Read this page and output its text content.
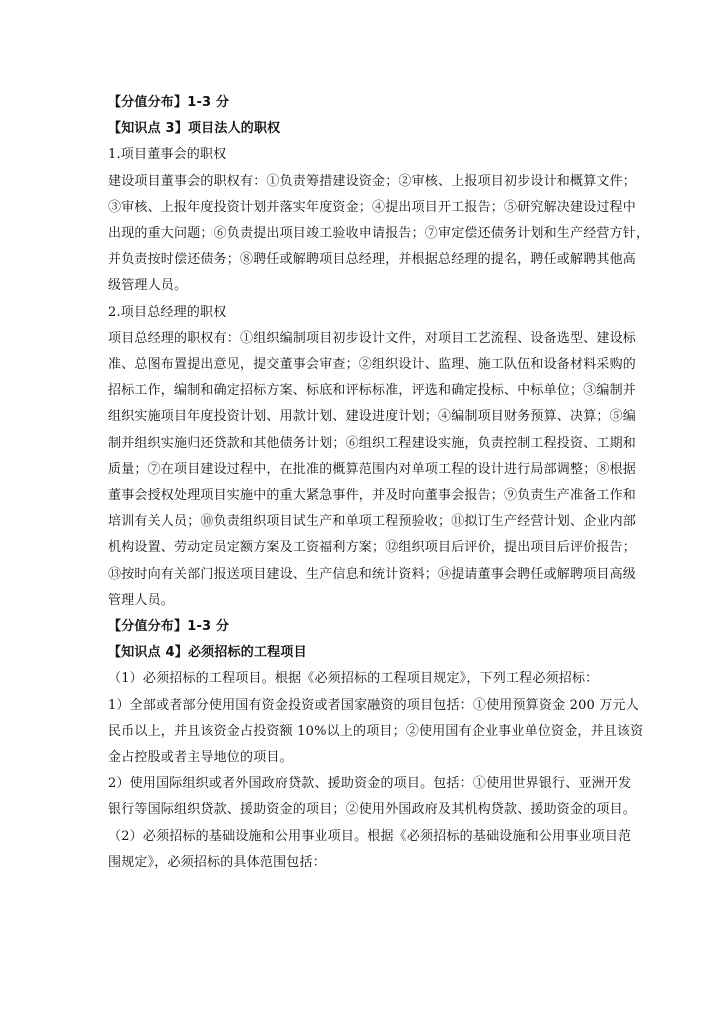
【分值分布】1-3 分
【知识点 3】项目法人的职权
1.项目董事会的职权
建设项目董事会的职权有：①负责筹措建设资金；②审核、上报项目初步设计和概算文件；
③审核、上报年度投资计划并落实年度资金；④提出项目开工报告；⑤研究解决建设过程中
出现的重大问题；⑥负责提出项目竣工验收申请报告；⑦审定偿还债务计划和生产经营方针，
并负责按时偿还债务；⑧聘任或解聘项目总经理，并根据总经理的提名，聘任或解聘其他高
级管理人员。
2.项目总经理的职权
项目总经理的职权有：①组织编制项目初步设计文件，对项目工艺流程、设备选型、建设标
准、总图布置提出意见，提交董事会审查；②组织设计、监理、施工队伍和设备材料采购的
招标工作，编制和确定招标方案、标底和评标标准，评选和确定投标、中标单位；③编制并
组织实施项目年度投资计划、用款计划、建设进度计划；④编制项目财务预算、决算；⑤编
制并组织实施归还贷款和其他债务计划；⑥组织工程建设实施，负责控制工程投资、工期和
质量；⑦在项目建设过程中，在批准的概算范围内对单项工程的设计进行局部调整；⑧根据
董事会授权处理项目实施中的重大紧急事件，并及时向董事会报告；⑨负责生产准备工作和
培训有关人员；⑩负责组织项目试生产和单项工程预验收；⑪拟订生产经营计划、企业内部
机构设置、劳动定员定额方案及工资福利方案；⑫组织项目后评价，提出项目后评价报告；
⑬按时向有关部门报送项目建设、生产信息和统计资料；⑭提请董事会聘任或解聘项目高级
管理人员。
【分值分布】1-3 分
【知识点 4】必须招标的工程项目
（1）必须招标的工程项目。根据《必须招标的工程项目规定》，下列工程必须招标：
1）全部或者部分使用国有资金投资或者国家融资的项目包括：①使用预算资金 200 万元人
民币以上，并且该资金占投资额 10%以上的项目；②使用国有企业事业单位资金，并且该资
金占控股或者主导地位的项目。
2）使用国际组织或者外国政府贷款、援助资金的项目。包括：①使用世界银行、亚洲开发
银行等国际组织贷款、援助资金的项目；②使用外国政府及其机构贷款、援助资金的项目。
（2）必须招标的基础设施和公用事业项目。根据《必须招标的基础设施和公用事业项目范
围规定》，必须招标的具体范围包括：
